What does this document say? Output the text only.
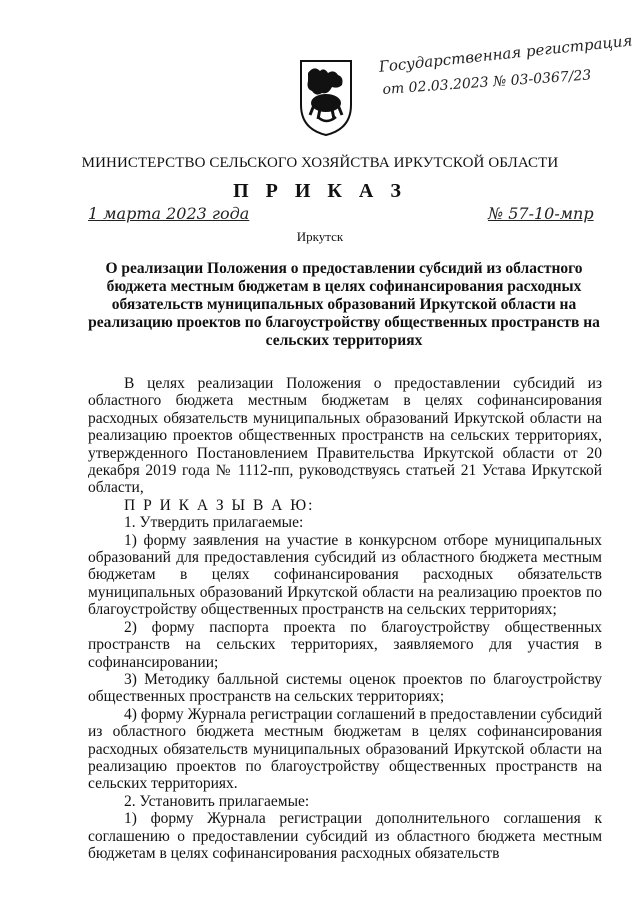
Государственная регистрация
от 02.03.2023 № 03-0367/23
МИНИСТЕРСТВО СЕЛЬСКОГО ХОЗЯЙСТВА ИРКУТСКОЙ ОБЛАСТИ
П Р И К А З
1 марта 2023 года	№ 57-10-мпр
Иркутск
О реализации Положения о предоставлении субсидий из областного бюджета местным бюджетам в целях софинансирования расходных обязательств муниципальных образований Иркутской области на реализацию проектов по благоустройству общественных пространств на сельских территориях

В целях реализации Положения о предоставлении субсидий из областного бюджета местным бюджетам в целях софинансирования расходных обязательств муниципальных образований Иркутской области на реализацию проектов общественных пространств на сельских территориях, утвержденного Постановлением Правительства Иркутской области от 20 декабря 2019 года № 1112-пп, руководствуясь статьей 21 Устава Иркутской области,

П Р И К А З Ы В А Ю:

1. Утвердить прилагаемые:

1) форму заявления на участие в конкурсном отборе муниципальных образований для предоставления субсидий из областного бюджета местным бюджетам в целях софинансирования расходных обязательств муниципальных образований Иркутской области на реализацию проектов по благоустройству общественных пространств на сельских территориях;

2) форму паспорта проекта по благоустройству общественных пространств на сельских территориях, заявляемого для участия в софинансировании;

3) Методику балльной системы оценок проектов по благоустройству общественных пространств на сельских территориях;

4) форму Журнала регистрации соглашений в предоставлении субсидий из областного бюджета местным бюджетам в целях софинансирования расходных обязательств муниципальных образований Иркутской области на реализацию проектов по благоустройству общественных пространств на сельских территориях.

2. Установить прилагаемые:

1) форму Журнала регистрации дополнительного соглашения к соглашению о предоставлении субсидий из областного бюджета местным бюджетам в целях софинансирования расходных обязательств
